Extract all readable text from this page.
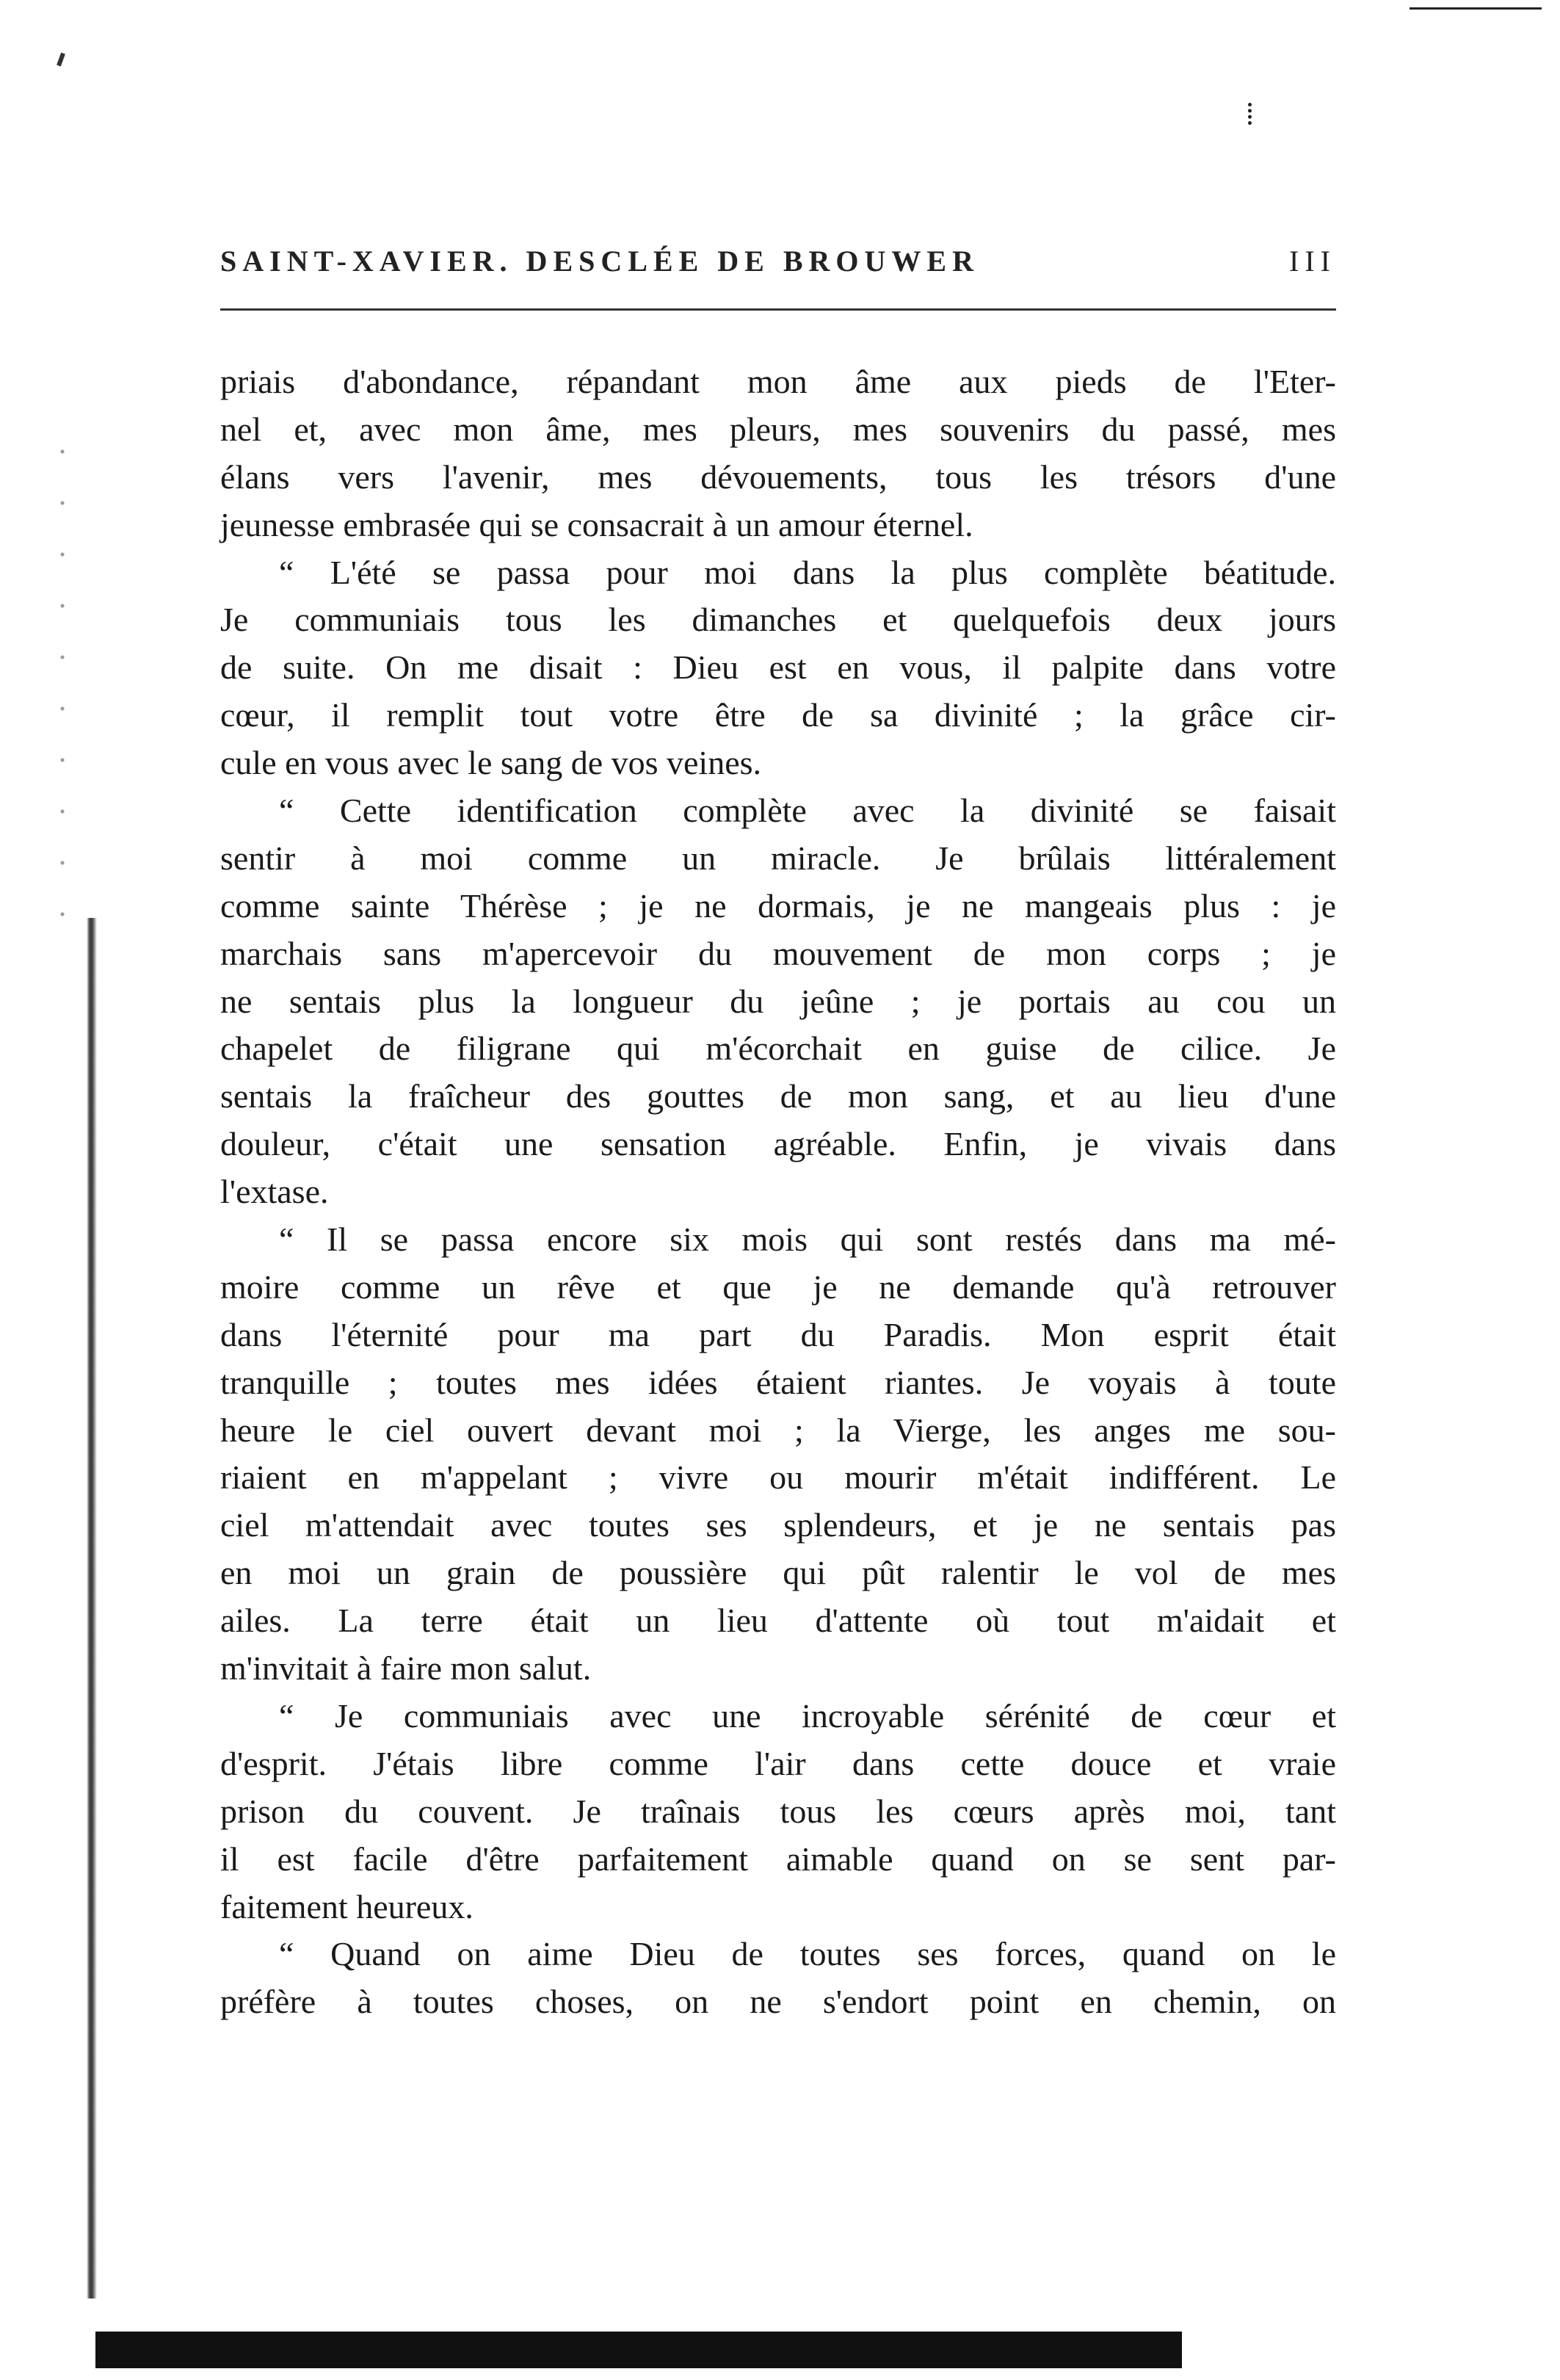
SAINT-XAVIER. DESCLÉE DE BROUWER	III
priais d'abondance, répandant mon âme aux pieds de l'Eter-
nel et, avec mon âme, mes pleurs, mes souvenirs du passé, mes
élans vers l'avenir, mes dévouements, tous les trésors d'une
jeunesse embrasée qui se consacrait à un amour éternel.
“ L'été se passa pour moi dans la plus complète béatitude.
Je communiais tous les dimanches et quelquefois deux jours
de suite. On me disait : Dieu est en vous, il palpite dans votre
cœur, il remplit tout votre être de sa divinité ; la grâce cir-
cule en vous avec le sang de vos veines.
“ Cette identification complète avec la divinité se faisait
sentir à moi comme un miracle. Je brûlais littéralement
comme sainte Thérèse ; je ne dormais, je ne mangeais plus : je
marchais sans m'apercevoir du mouvement de mon corps ; je
ne sentais plus la longueur du jeûne ; je portais au cou un
chapelet de filigrane qui m'écorchait en guise de cilice. Je
sentais la fraîcheur des gouttes de mon sang, et au lieu d'une
douleur, c'était une sensation agréable. Enfin, je vivais dans
l'extase.
“ Il se passa encore six mois qui sont restés dans ma mé-
moire comme un rêve et que je ne demande qu'à retrouver
dans l'éternité pour ma part du Paradis. Mon esprit était
tranquille ; toutes mes idées étaient riantes. Je voyais à toute
heure le ciel ouvert devant moi ; la Vierge, les anges me sou-
riaient en m'appelant ; vivre ou mourir m'était indifférent. Le
ciel m'attendait avec toutes ses splendeurs, et je ne sentais pas
en moi un grain de poussière qui pût ralentir le vol de mes
ailes. La terre était un lieu d'attente où tout m'aidait et
m'invitait à faire mon salut.
“ Je communiais avec une incroyable sérénité de cœur et
d'esprit. J'étais libre comme l'air dans cette douce et vraie
prison du couvent. Je traînais tous les cœurs après moi, tant
il est facile d'être parfaitement aimable quand on se sent par-
faitement heureux.
“ Quand on aime Dieu de toutes ses forces, quand on le
préfère à toutes choses, on ne s'endort point en chemin, on
